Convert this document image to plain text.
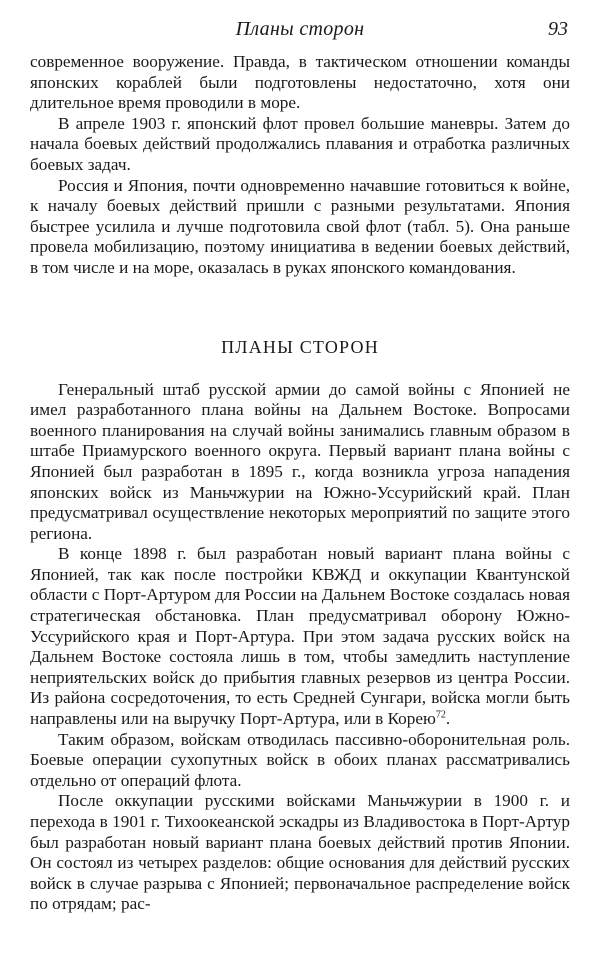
Планы сторон	93

современное вооружение. Правда, в тактическом отношении команды японских кораблей были подготовлены недостаточно, хотя они длительное время проводили в море.

В апреле 1903 г. японский флот провел большие маневры. Затем до начала боевых действий продолжались плавания и отработка различных боевых задач.

Россия и Япония, почти одновременно начавшие готовиться к войне, к началу боевых действий пришли с разными результатами. Япония быстрее усилила и лучше подготовила свой флот (табл. 5). Она раньше провела мобилизацию, поэтому инициатива в ведении боевых действий, в том числе и на море, оказалась в руках японского командования.

ПЛАНЫ СТОРОН

Генеральный штаб русской армии до самой войны с Японией не имел разработанного плана войны на Дальнем Востоке. Вопросами военного планирования на случай войны занимались главным образом в штабе Приамурского военного округа. Первый вариант плана войны с Японией был разработан в 1895 г., когда возникла угроза нападения японских войск из Маньчжурии на Южно-Уссурийский край. План предусматривал осуществление некоторых мероприятий по защите этого региона.

В конце 1898 г. был разработан новый вариант плана войны с Японией, так как после постройки КВЖД и оккупации Квантунской области с Порт-Артуром для России на Дальнем Востоке создалась новая стратегическая обстановка. План предусматривал оборону Южно-Уссурийского края и Порт-Артура. При этом задача русских войск на Дальнем Востоке состояла лишь в том, чтобы замедлить наступление неприятельских войск до прибытия главных резервов из центра России. Из района сосредоточения, то есть Средней Сунгари, войска могли быть направлены или на выручку Порт-Артура, или в Корею$^{72}$.

Таким образом, войскам отводилась пассивно-оборонительная роль. Боевые операции сухопутных войск в обоих планах рассматривались отдельно от операций флота.

После оккупации русскими войсками Маньчжурии в 1900 г. и перехода в 1901 г. Тихоокеанской эскадры из Владивостока в Порт-Артур был разработан новый вариант плана боевых действий против Японии. Он состоял из четырех разделов: общие основания для действий русских войск в случае разрыва с Японией; первоначальное распределение войск по отрядам; рас-
